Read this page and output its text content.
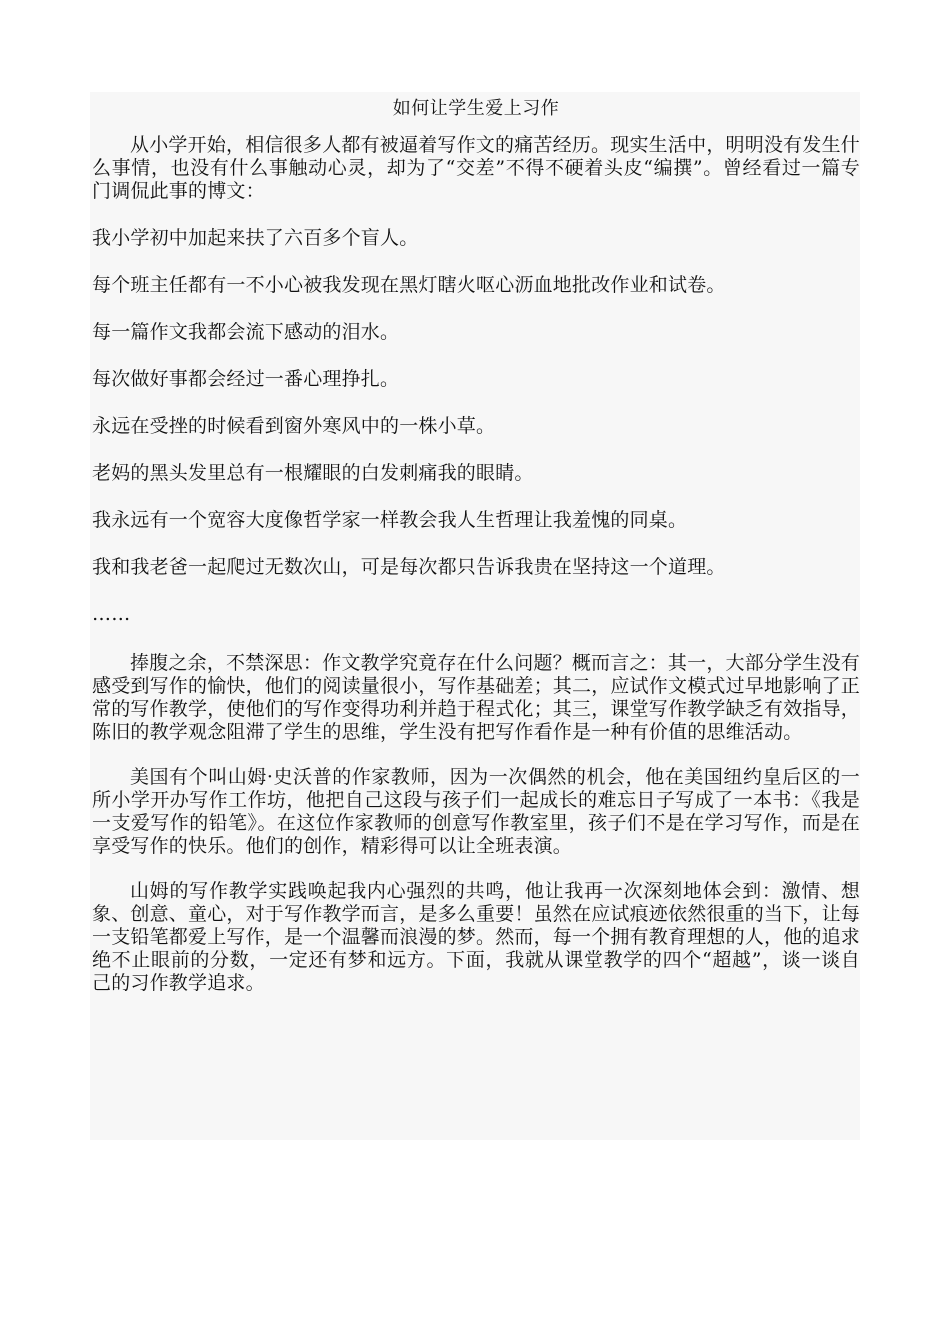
如何让学生爱上习作

从小学开始，相信很多人都有被逼着写作文的痛苦经历。现实生活中，明明没有发生什么事情，也没有什么事触动心灵，却为了“交差”不得不硬着头皮“编撰”。曾经看过一篇专门调侃此事的博文：

我小学初中加起来扶了六百多个盲人。

每个班主任都有一不小心被我发现在黑灯瞎火呕心沥血地批改作业和试卷。

每一篇作文我都会流下感动的泪水。

每次做好事都会经过一番心理挣扎。

永远在受挫的时候看到窗外寒风中的一株小草。

老妈的黑头发里总有一根耀眼的白发刺痛我的眼睛。

我永远有一个宽容大度像哲学家一样教会我人生哲理让我羞愧的同桌。

我和我老爸一起爬过无数次山，可是每次都只告诉我贵在坚持这一个道理。

……

捧腹之余，不禁深思：作文教学究竟存在什么问题？概而言之：其一，大部分学生没有感受到写作的愉快，他们的阅读量很小，写作基础差；其二，应试作文模式过早地影响了正常的写作教学，使他们的写作变得功利并趋于程式化；其三，课堂写作教学缺乏有效指导，陈旧的教学观念阻滞了学生的思维，学生没有把写作看作是一种有价值的思维活动。

美国有个叫山姆·史沃普的作家教师，因为一次偶然的机会，他在美国纽约皇后区的一所小学开办写作工作坊，他把自己这段与孩子们一起成长的难忘日子写成了一本书：《我是一支爱写作的铅笔》。在这位作家教师的创意写作教室里，孩子们不是在学习写作，而是在享受写作的快乐。他们的创作，精彩得可以让全班表演。

山姆的写作教学实践唤起我内心强烈的共鸣，他让我再一次深刻地体会到：激情、想象、创意、童心，对于写作教学而言，是多么重要！虽然在应试痕迹依然很重的当下，让每一支铅笔都爱上写作，是一个温馨而浪漫的梦。然而，每一个拥有教育理想的人，他的追求绝不止眼前的分数，一定还有梦和远方。下面，我就从课堂教学的四个“超越”，谈一谈自己的习作教学追求。
